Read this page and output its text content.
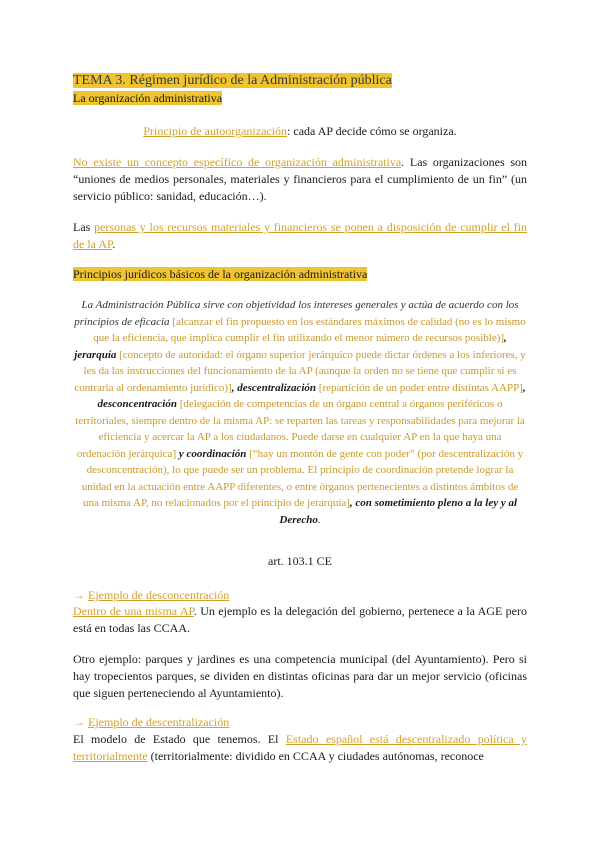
TEMA 3. Régimen jurídico de la Administración pública
La organización administrativa
Principio de autoorganización: cada AP decide cómo se organiza.
No existe un concepto específico de organización administrativa. Las organizaciones son “uniones de medios personales, materiales y financieros para el cumplimiento de un fin” (un servicio público: sanidad, educación…).
Las personas y los recursos materiales y financieros se ponen a disposición de cumplir el fin de la AP.
Principios jurídicos básicos de la organización administrativa
La Administración Pública sirve con objetividad los intereses generales y actúa de acuerdo con los principios de eficacia [alcanzar el fin propuesto en los estándares máximos de calidad (no es lo mismo que la eficiencia, que implica cumplir el fin utilizando el menor número de recursos posible)], jerarquía [concepto de autoridad: el órgano superior jerárquico puede dictar órdenes a los inferiores, y les da las instrucciones del funcionamiento de la AP (aunque la orden no se tiene que cumplir si es contraria al ordenamiento jurídico)], descentralización [repartición de un poder entre distintas AAPP], desconcentración [delegación de competencias de un órgano central a órganos periféricos o territoriales, siempre dentro de la misma AP: se reparten las tareas y responsabilidades para mejorar la eficiencia y acercar la AP a los ciudadanos. Puede darse en cualquier AP en la que haya una ordenación jerárquica] y coordinación [“hay un montón de gente con poder” (por descentralización y desconcentración), lo que puede ser un problema. El principio de coordinación pretende lograr la unidad en la actuación entre AAPP diferentes, o entre órganos pertenecientes a distintos ámbitos de una misma AP, no relacionados por el principio de jerarquía], con sometimiento pleno a la ley y al Derecho.
art. 103.1 CE
→ Ejemplo de desconcentración
Dentro de una misma AP. Un ejemplo es la delegación del gobierno, pertenece a la AGE pero está en todas las CCAA.
Otro ejemplo: parques y jardines es una competencia municipal (del Ayuntamiento). Pero si hay tropecientos parques, se dividen en distintas oficinas para dar un mejor servicio (oficinas que siguen perteneciendo al Ayuntamiento).
→ Ejemplo de descentralización
El modelo de Estado que tenemos. El Estado español está descentralizado política y territorialmente (territorialmente: dividido en CCAA y ciudades autónomas, reconoce
